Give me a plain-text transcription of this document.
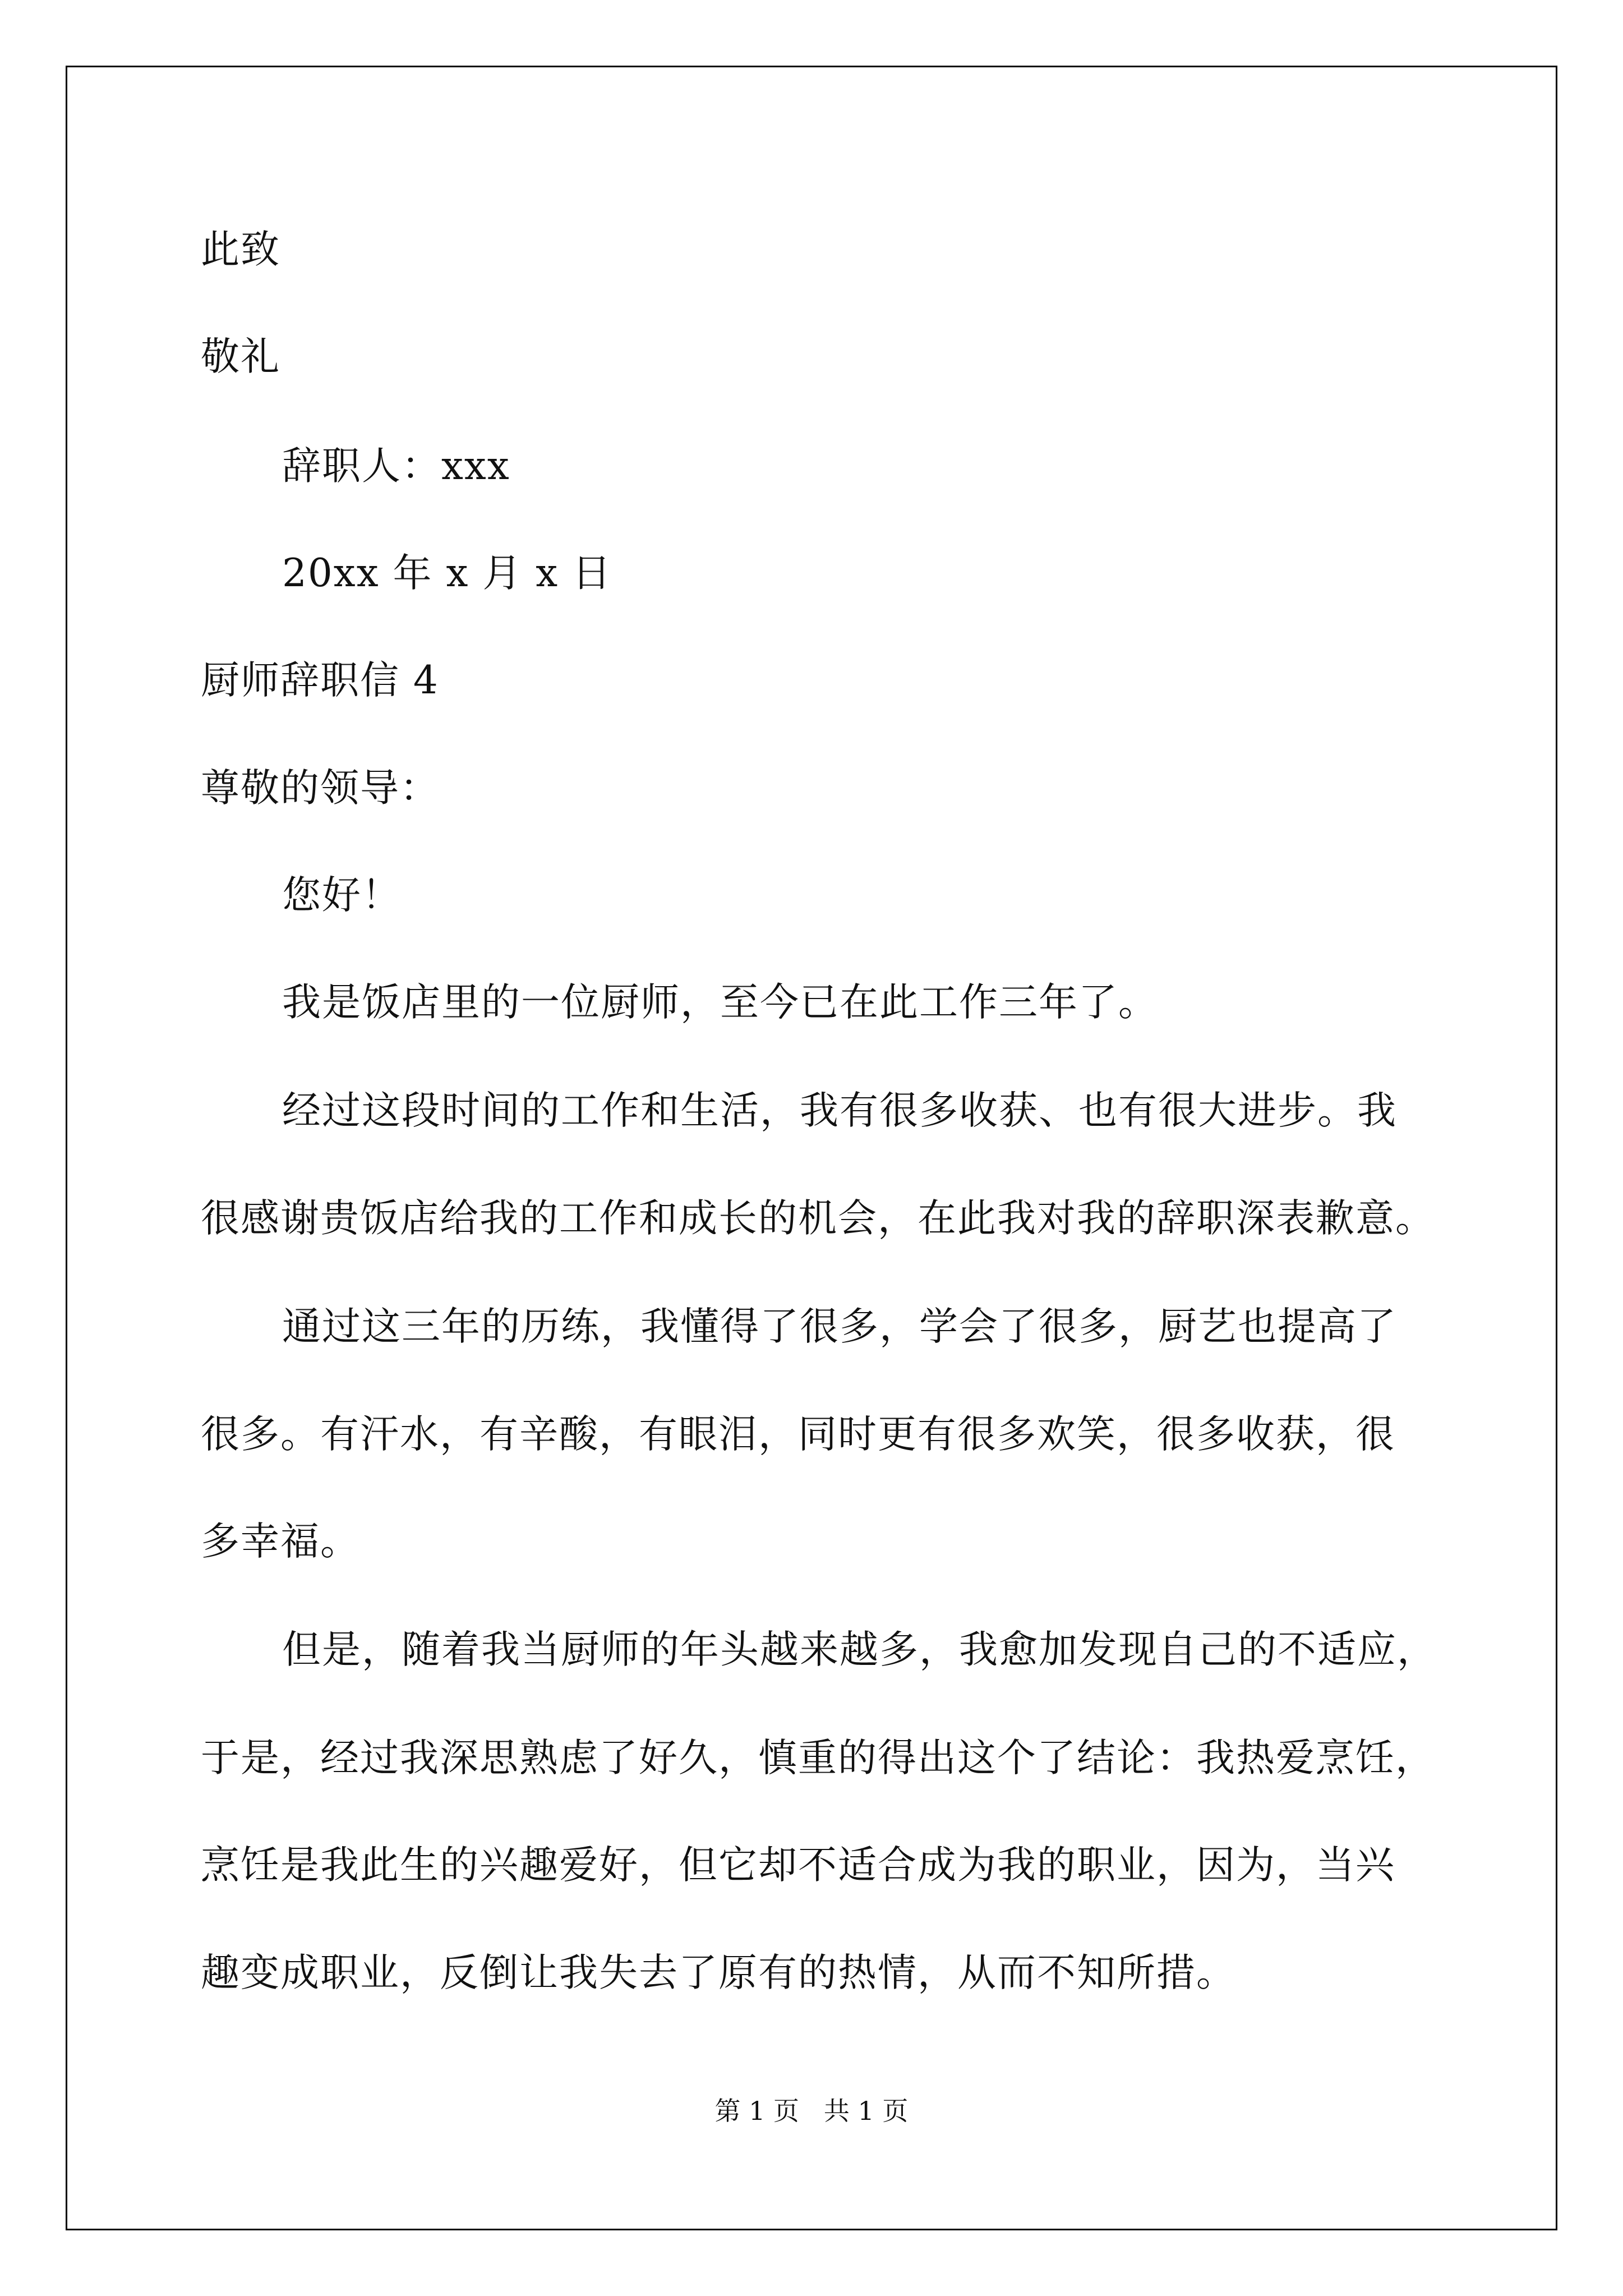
此致
敬礼
辞职人：xxx
20xx 年 x 月 x 日
厨师辞职信 4
尊敬的领导：
您好！
我是饭店里的一位厨师，至今已在此工作三年了。
经过这段时间的工作和生活，我有很多收获、也有很大进步。我
很感谢贵饭店给我的工作和成长的机会，在此我对我的辞职深表歉意。
通过这三年的历练，我懂得了很多，学会了很多，厨艺也提高了
很多。有汗水，有辛酸，有眼泪，同时更有很多欢笑，很多收获，很
多幸福。
但是，随着我当厨师的年头越来越多，我愈加发现自己的不适应，
于是，经过我深思熟虑了好久，慎重的得出这个了结论：我热爱烹饪，
烹饪是我此生的兴趣爱好，但它却不适合成为我的职业，因为，当兴
趣变成职业，反倒让我失去了原有的热情，从而不知所措。
第 1 页   共 1 页
